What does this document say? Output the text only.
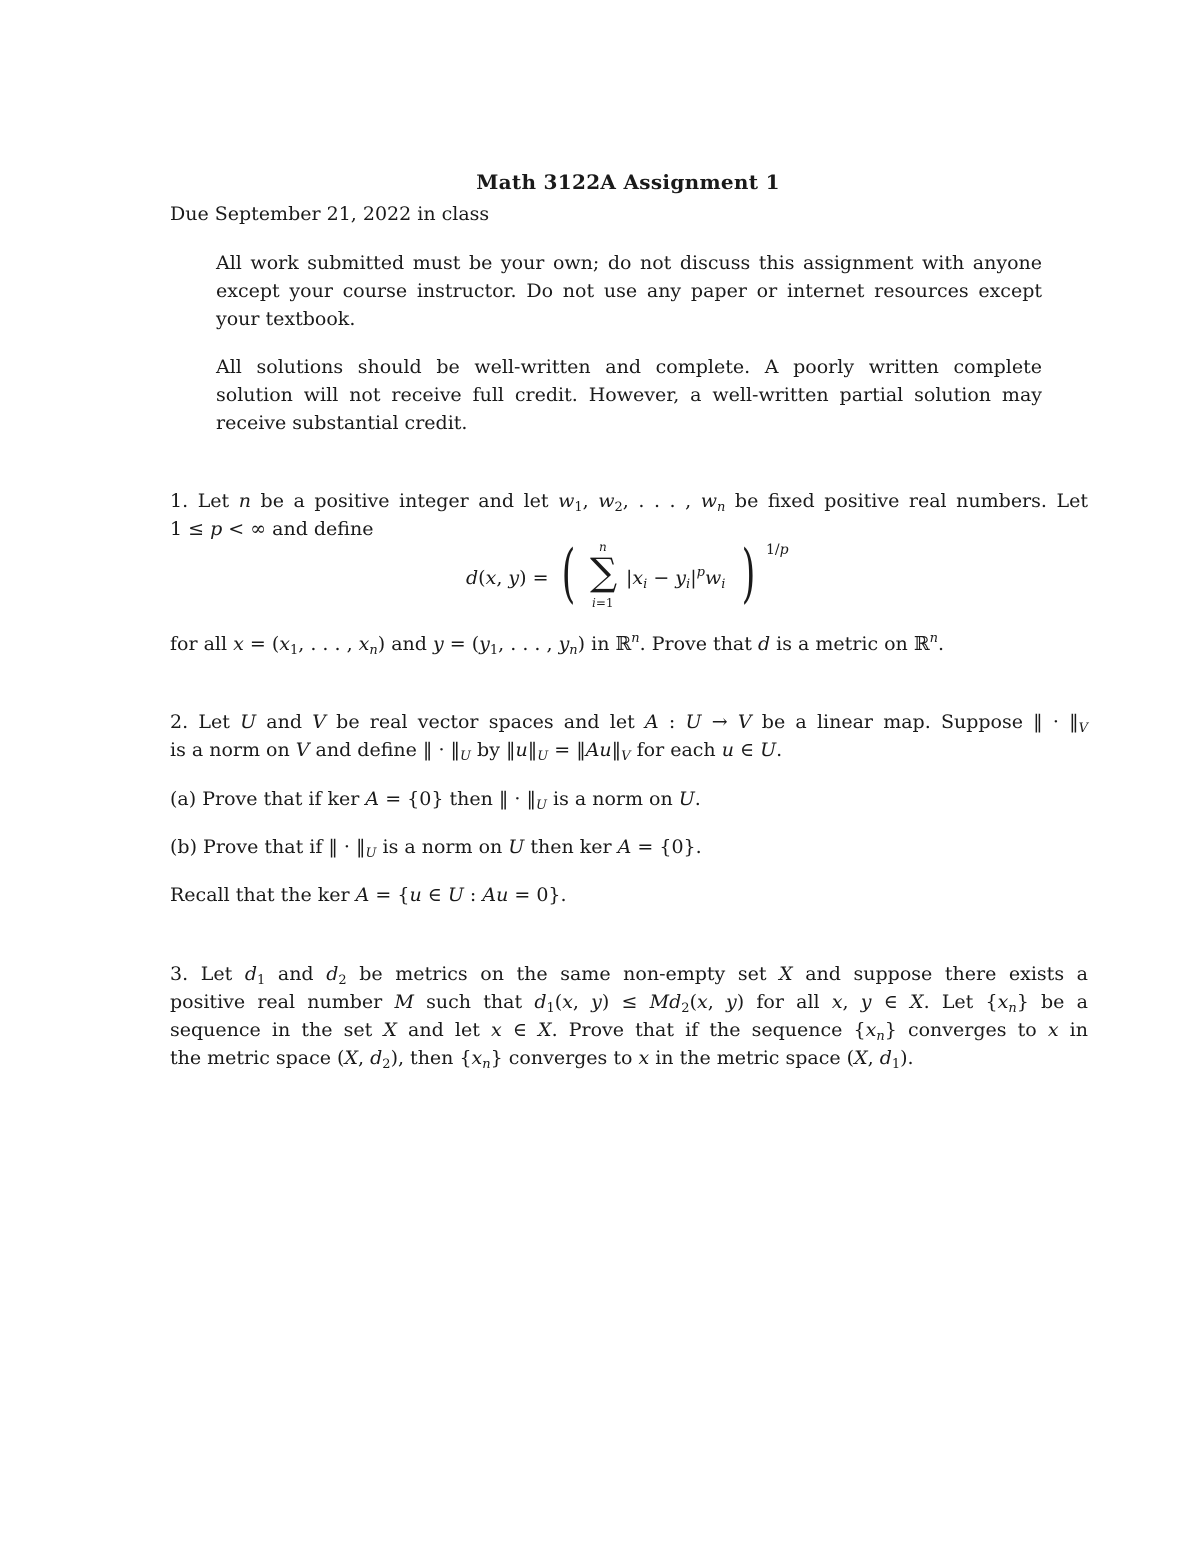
Math 3122A Assignment 1
Due September 21, 2022 in class
All work submitted must be your own; do not discuss this assignment with anyone
except your course instructor. Do not use any paper or internet resources except
your textbook.
All solutions should be well-written and complete. A poorly written complete
solution will not receive full credit. However, a well-written partial solution may
receive substantial credit.
1. Let n be a positive integer and let $w_1$, $w_2$, . . . , $w_n$ be fixed positive real numbers. Let
1 ≤ p < ∞ and define
d(x, y) = ( n
∑
i=1
$|x_i - y_i|^pw_i$ ) 1/p
for all $x = (x_1$, . . . , $x_n$) and $y = (y_1$, . . . , $y_n$) in ℝ$^n$. Prove that d is a metric on ℝ$^n$.
2. Let U and V be real vector spaces and let A : U → V be a linear map. Suppose ‖ · $‖_V$
is a norm on V and define ‖ · $‖_U$ by $‖u‖_U$ = $‖Au‖_V$ for each u ∈ U.
(a) Prove that if ker A = {0} then ‖ · $‖_U$ is a norm on U.
(b) Prove that if ‖ · $‖_U$ is a norm on U then ker A = {0}.
Recall that the ker A = {u ∈ U : Au = 0}.
3. Let $d_1$ and $d_2$ be metrics on the same non-empty set X and suppose there exists a
positive real number M such that $d_1(x$, $y) \le Md_2(x$, y) for all x, y ∈ X. Let $\{x_n\}$ be a
sequence in the set X and let x ∈ X. Prove that if the sequence $\{x_n\}$ converges to x in
the metric space (X, $d_2$), then $\{x_n\}$ converges to x in the metric space (X, $d_1$).
